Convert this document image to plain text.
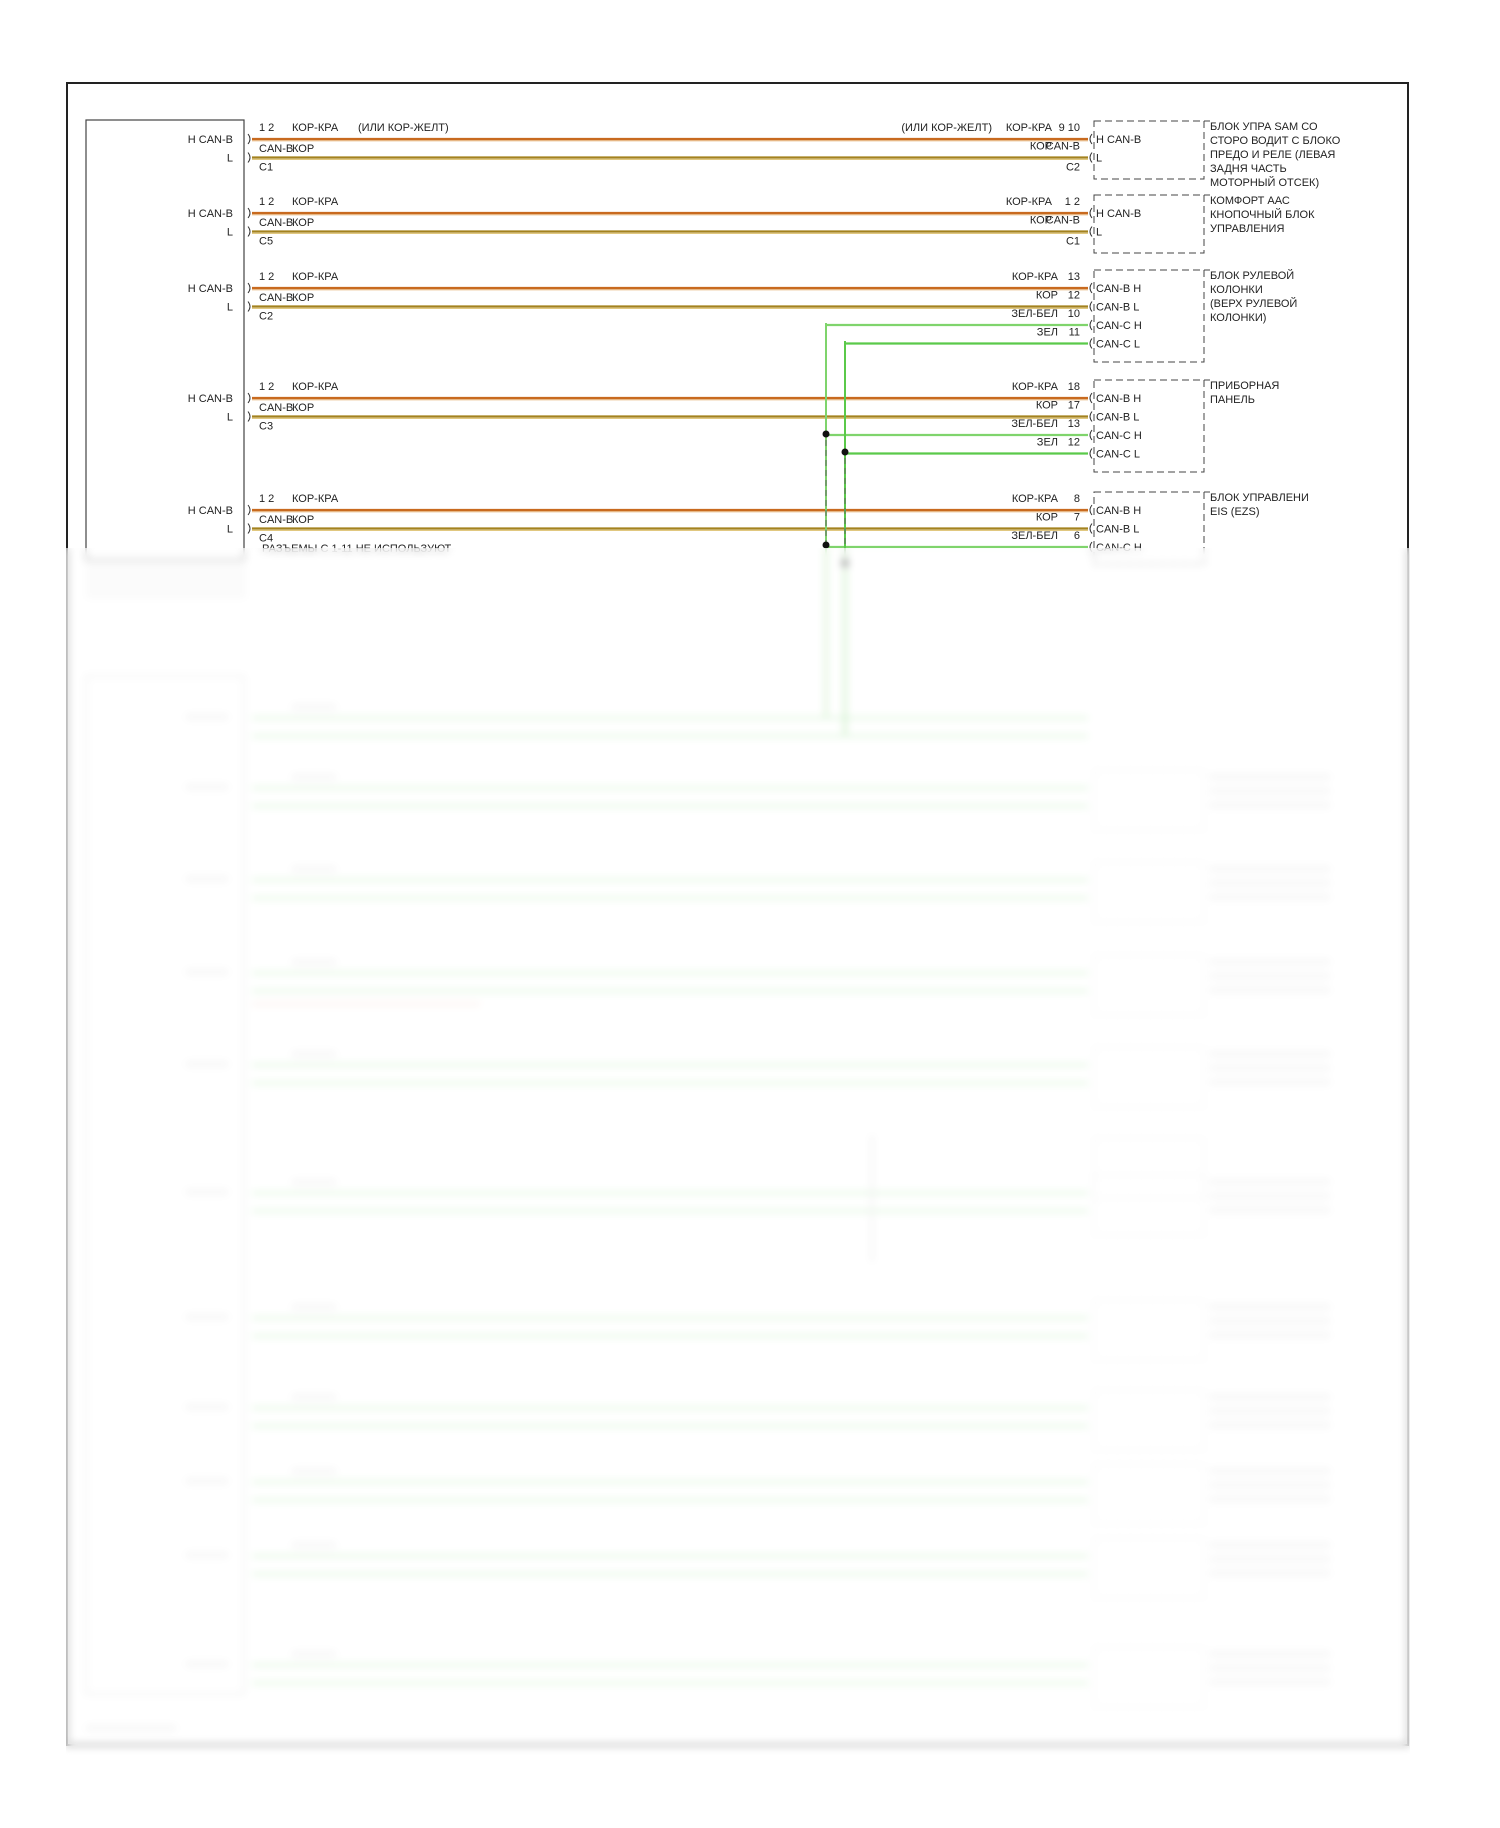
H CAN-B
L
1 2
CAN-B
КОР
C1
КОР-КРА (ИЛИ КОР-ЖЕЛТ)	(ИЛИ КОР-ЖЕЛТ) КОР-КРА 9 10
H CAN-B
КОР
CAN-B
L
C2
БЛОК УПРА SAM СО
СТОРО ВОДИТ С БЛОКО
ПРЕДО И РЕЛЕ (ЛЕВАЯ
ЗАДНЯ ЧАСТЬ
МОТОРНЫЙ ОТСЕК)
H CAN-B
L
1 2
CAN-B
КОР
C5
КОР-КРА	КОР-КРА 1 2
H CAN-B
КОР
CAN-B
L
C1
КОМФОРТ ААС
КНОПОЧНЫЙ БЛОК
УПРАВЛЕНИЯ
H CAN-B
L
1 2
CAN-B
КОР
C2
КОР-КРА	КОР-КРА 13
CAN-B H
КОР 12
CAN-B L
ЗЕЛ-БЕЛ 10
CAN-C H
ЗЕЛ 11
CAN-C L
БЛОК РУЛЕВОЙ
КОЛОНКИ
(ВЕРХ РУЛЕВОЙ
КОЛОНКИ)
H CAN-B
L
1 2
CAN-B
КОР
C3
КОР-КРА	КОР-КРА 18
CAN-B H
КОР 17
CAN-B L
ЗЕЛ-БЕЛ 13
CAN-C H
ЗЕЛ 12
CAN-C L
ПРИБОРНАЯ
ПАНЕЛЬ
H CAN-B
L
1 2
CAN-B
КОР
C4
КОР-КРА	КОР-КРА 8
CAN-B H
КОР 7
CAN-B L
ЗЕЛ-БЕЛ 6
БЛОК УПРАВЛЕНИ
EIS (EZS)
